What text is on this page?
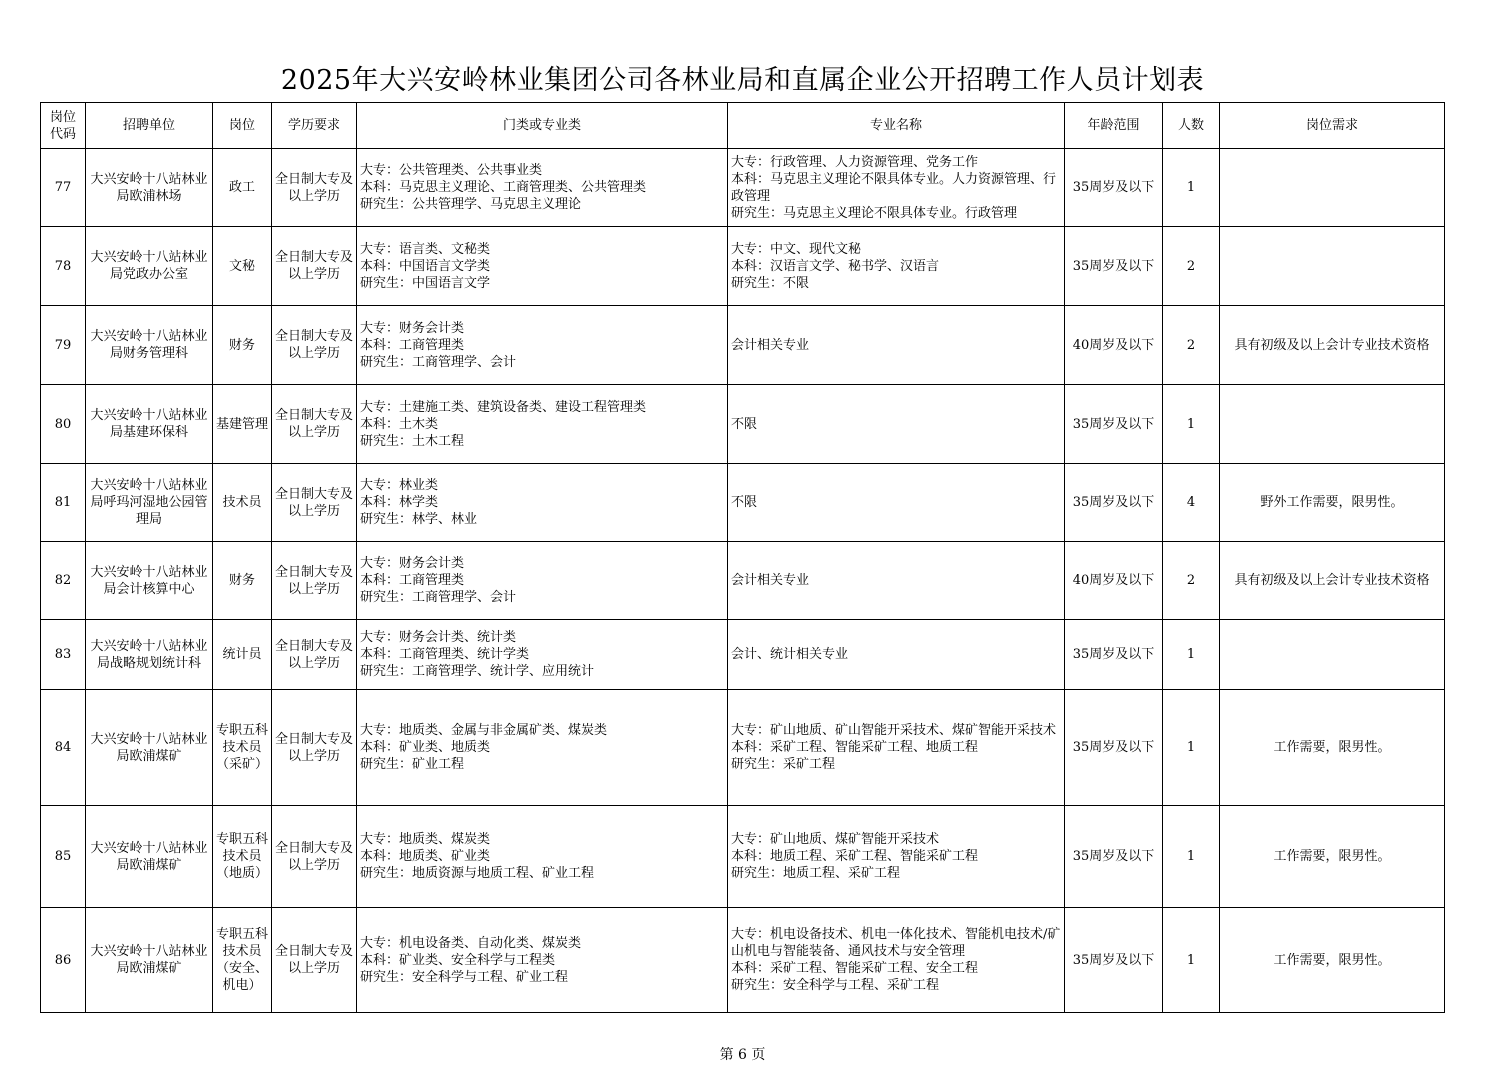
2025年大兴安岭林业集团公司各林业局和直属企业公开招聘工作人员计划表
岗位代码	招聘单位	岗位	学历要求	门类或专业类	专业名称	年龄范围	人数	岗位需求
77	大兴安岭十八站林业局欧浦林场	政工	全日制大专及以上学历	大专：公共管理类、公共事业类
本科：马克思主义理论、工商管理类、公共管理类
研究生：公共管理学、马克思主义理论	大专：行政管理、人力资源管理、党务工作
本科：马克思主义理论不限具体专业。人力资源管理、行政管理
研究生：马克思主义理论不限具体专业。行政管理	35周岁及以下	1	
78	大兴安岭十八站林业局党政办公室	文秘	全日制大专及以上学历	大专：语言类、文秘类
本科：中国语言文学类
研究生：中国语言文学	大专：中文、现代文秘
本科：汉语言文学、秘书学、汉语言
研究生：不限	35周岁及以下	2	
79	大兴安岭十八站林业局财务管理科	财务	全日制大专及以上学历	大专：财务会计类
本科：工商管理类
研究生：工商管理学、会计	会计相关专业	40周岁及以下	2	具有初级及以上会计专业技术资格
80	大兴安岭十八站林业局基建环保科	基建管理	全日制大专及以上学历	大专：土建施工类、建筑设备类、建设工程管理类
本科：土木类
研究生：土木工程	不限	35周岁及以下	1	
81	大兴安岭十八站林业局呼玛河湿地公园管理局	技术员	全日制大专及以上学历	大专：林业类
本科：林学类
研究生：林学、林业	不限	35周岁及以下	4	野外工作需要，限男性。
82	大兴安岭十八站林业局会计核算中心	财务	全日制大专及以上学历	大专：财务会计类
本科：工商管理类
研究生：工商管理学、会计	会计相关专业	40周岁及以下	2	具有初级及以上会计专业技术资格
83	大兴安岭十八站林业局战略规划统计科	统计员	全日制大专及以上学历	大专：财务会计类、统计类
本科：工商管理类、统计学类
研究生：工商管理学、统计学、应用统计	会计、统计相关专业	35周岁及以下	1	
84	大兴安岭十八站林业局欧浦煤矿	专职五科技术员（采矿）	全日制大专及以上学历	大专：地质类、金属与非金属矿类、煤炭类
本科：矿业类、地质类
研究生：矿业工程	大专：矿山地质、矿山智能开采技术、煤矿智能开采技术
本科：采矿工程、智能采矿工程、地质工程
研究生：采矿工程	35周岁及以下	1	工作需要，限男性。
85	大兴安岭十八站林业局欧浦煤矿	专职五科技术员（地质）	全日制大专及以上学历	大专：地质类、煤炭类
本科：地质类、矿业类
研究生：地质资源与地质工程、矿业工程	大专：矿山地质、煤矿智能开采技术
本科：地质工程、采矿工程、智能采矿工程
研究生：地质工程、采矿工程	35周岁及以下	1	工作需要，限男性。
86	大兴安岭十八站林业局欧浦煤矿	专职五科技术员（安全、机电）	全日制大专及以上学历	大专：机电设备类、自动化类、煤炭类
本科：矿业类、安全科学与工程类
研究生：安全科学与工程、矿业工程	大专：机电设备技术、机电一体化技术、智能机电技术/矿山机电与智能装备、通风技术与安全管理
本科：采矿工程、智能采矿工程、安全工程
研究生：安全科学与工程、采矿工程	35周岁及以下	1	工作需要，限男性。
第 6 页
